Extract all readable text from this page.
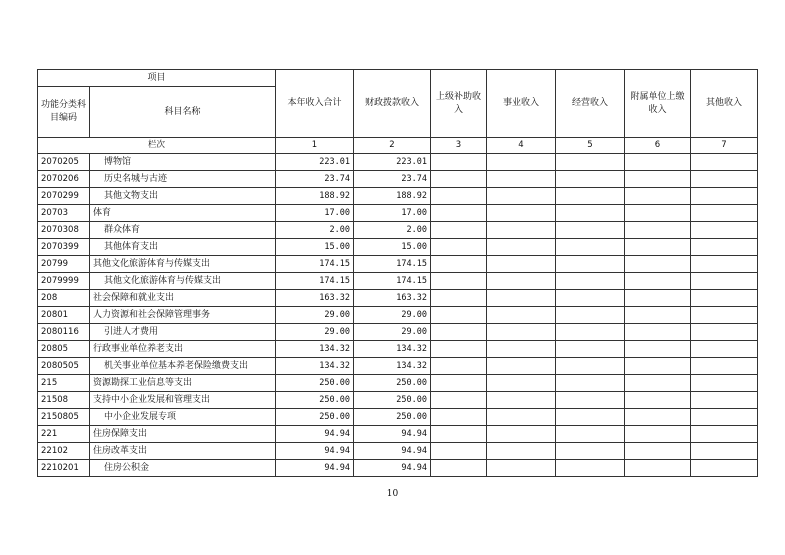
项目		本年收入合计	财政拨款收入	上级补助收入	事业收入	经营收入	附属单位上缴收入	其他收入
功能分类科目编码	科目名称							
栏次		1	2	3	4	5	6	7
2070205	博物馆	223.01	223.01					
2070206	历史名城与古迹	23.74	23.74					
2070299	其他文物支出	188.92	188.92					
20703	体育	17.00	17.00					
2070308	群众体育	2.00	2.00					
2070399	其他体育支出	15.00	15.00					
20799	其他文化旅游体育与传媒支出	174.15	174.15					
2079999	其他文化旅游体育与传媒支出	174.15	174.15					
208	社会保障和就业支出	163.32	163.32					
20801	人力资源和社会保障管理事务	29.00	29.00					
2080116	引进人才费用	29.00	29.00					
20805	行政事业单位养老支出	134.32	134.32					
2080505	机关事业单位基本养老保险缴费支出	134.32	134.32					
215	资源勘探工业信息等支出	250.00	250.00					
21508	支持中小企业发展和管理支出	250.00	250.00					
2150805	中小企业发展专项	250.00	250.00					
221	住房保障支出	94.94	94.94					
22102	住房改革支出	94.94	94.94					
2210201	住房公积金	94.94	94.94					
10
